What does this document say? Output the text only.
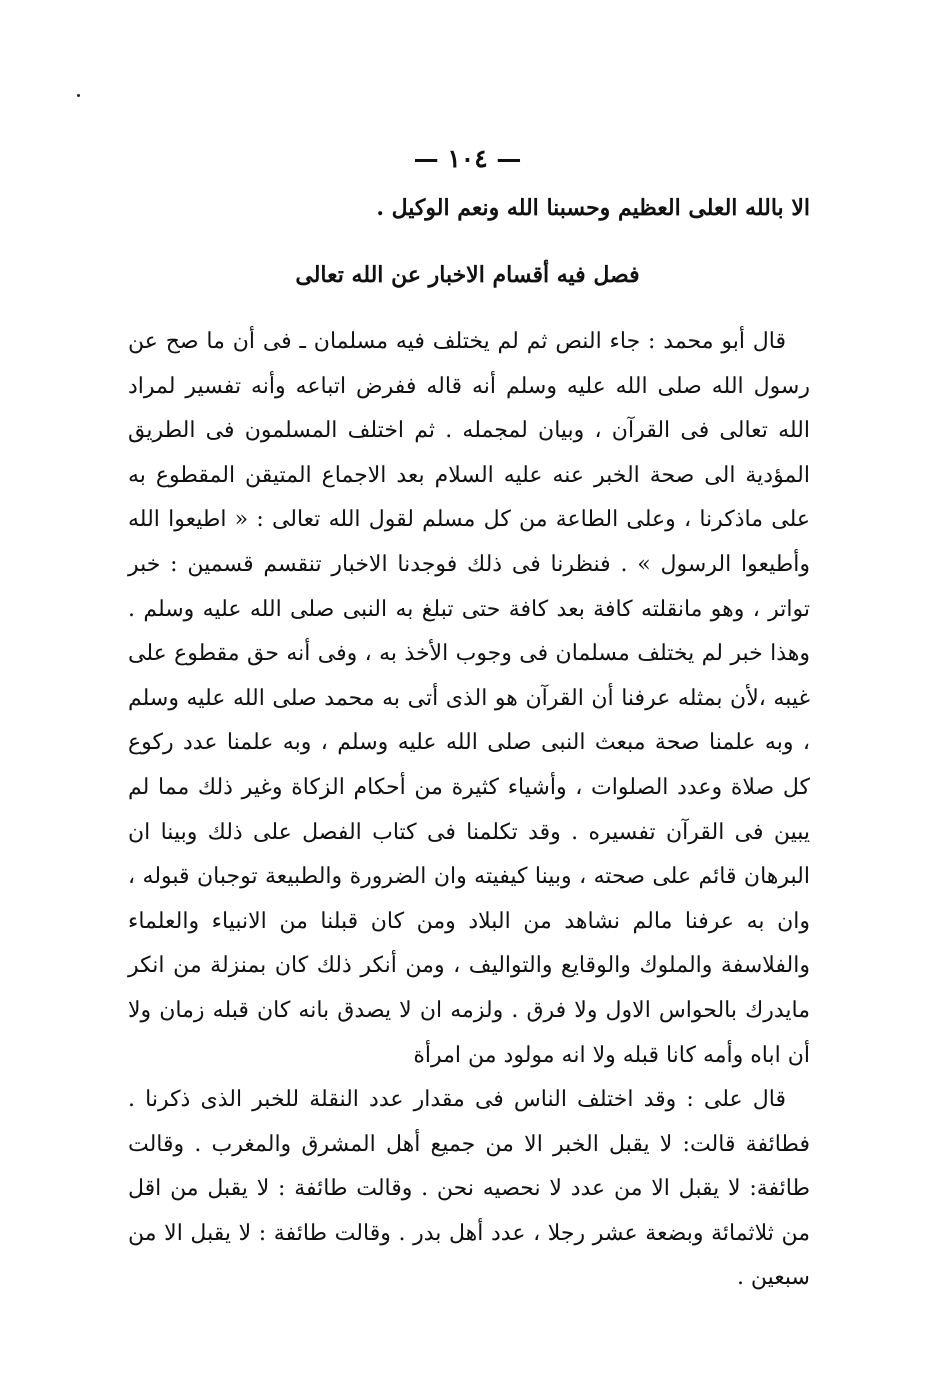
— ١٠٤ —
الا بالله العلى العظيم وحسبنا الله ونعم الوكيل .
فصل فيه أقسام الاخبار عن الله تعالى

قال أبو محمد : جاء النص ثم لم يختلف فيه مسلمان ـ فى أن ما صح عن رسول الله صلى الله عليه وسلم أنه قاله ففرض اتباعه وأنه تفسير لمراد الله تعالى فى القرآن ، وبيان لمجمله . ثم اختلف المسلمون فى الطريق المؤدية الى صحة الخبر عنه عليه السلام بعد الاجماع المتيقن المقطوع به على ماذكرنا ، وعلى الطاعة من كل مسلم لقول الله تعالى : « اطيعوا الله وأطيعوا الرسول » . فنظرنا فى ذلك فوجدنا الاخبار تنقسم قسمين : خبر تواتر ، وهو مانقلته كافة بعد كافة حتى تبلغ به النبى صلى الله عليه وسلم . وهذا خبر لم يختلف مسلمان فى وجوب الأخذ به ، وفى أنه حق مقطوع على غيبه ،لأن بمثله عرفنا أن القرآن هو الذى أتى به محمد صلى الله عليه وسلم ، وبه علمنا صحة مبعث النبى صلى الله عليه وسلم ، وبه علمنا عدد ركوع كل صلاة وعدد الصلوات ، وأشياء كثيرة من أحكام الزكاة وغير ذلك مما لم يبين فى القرآن تفسيره . وقد تكلمنا فى كتاب الفصل على ذلك وبينا ان البرهان قائم على صحته ، وبينا كيفيته وان الضرورة والطبيعة توجبان قبوله ، وان به عرفنا مالم نشاهد من البلاد ومن كان قبلنا من الانبياء والعلماء والفلاسفة والملوك والوقايع والتواليف ، ومن أنكر ذلك كان بمنزلة من انكر مايدرك بالحواس الاول ولا فرق . ولزمه ان لا يصدق بانه كان قبله زمان ولا أن اباه وأمه كانا قبله ولا انه مولود من امرأة

قال على : وقد اختلف الناس فى مقدار عدد النقلة للخبر الذى ذكرنا . فطائفة قالت: لا يقبل الخبر الا من جميع أهل المشرق والمغرب . وقالت طائفة: لا يقبل الا من عدد لا نحصيه نحن . وقالت طائفة : لا يقبل من اقل من ثلاثمائة وبضعة عشر رجلا ، عدد أهل بدر . وقالت طائفة : لا يقبل الا من سبعين .
